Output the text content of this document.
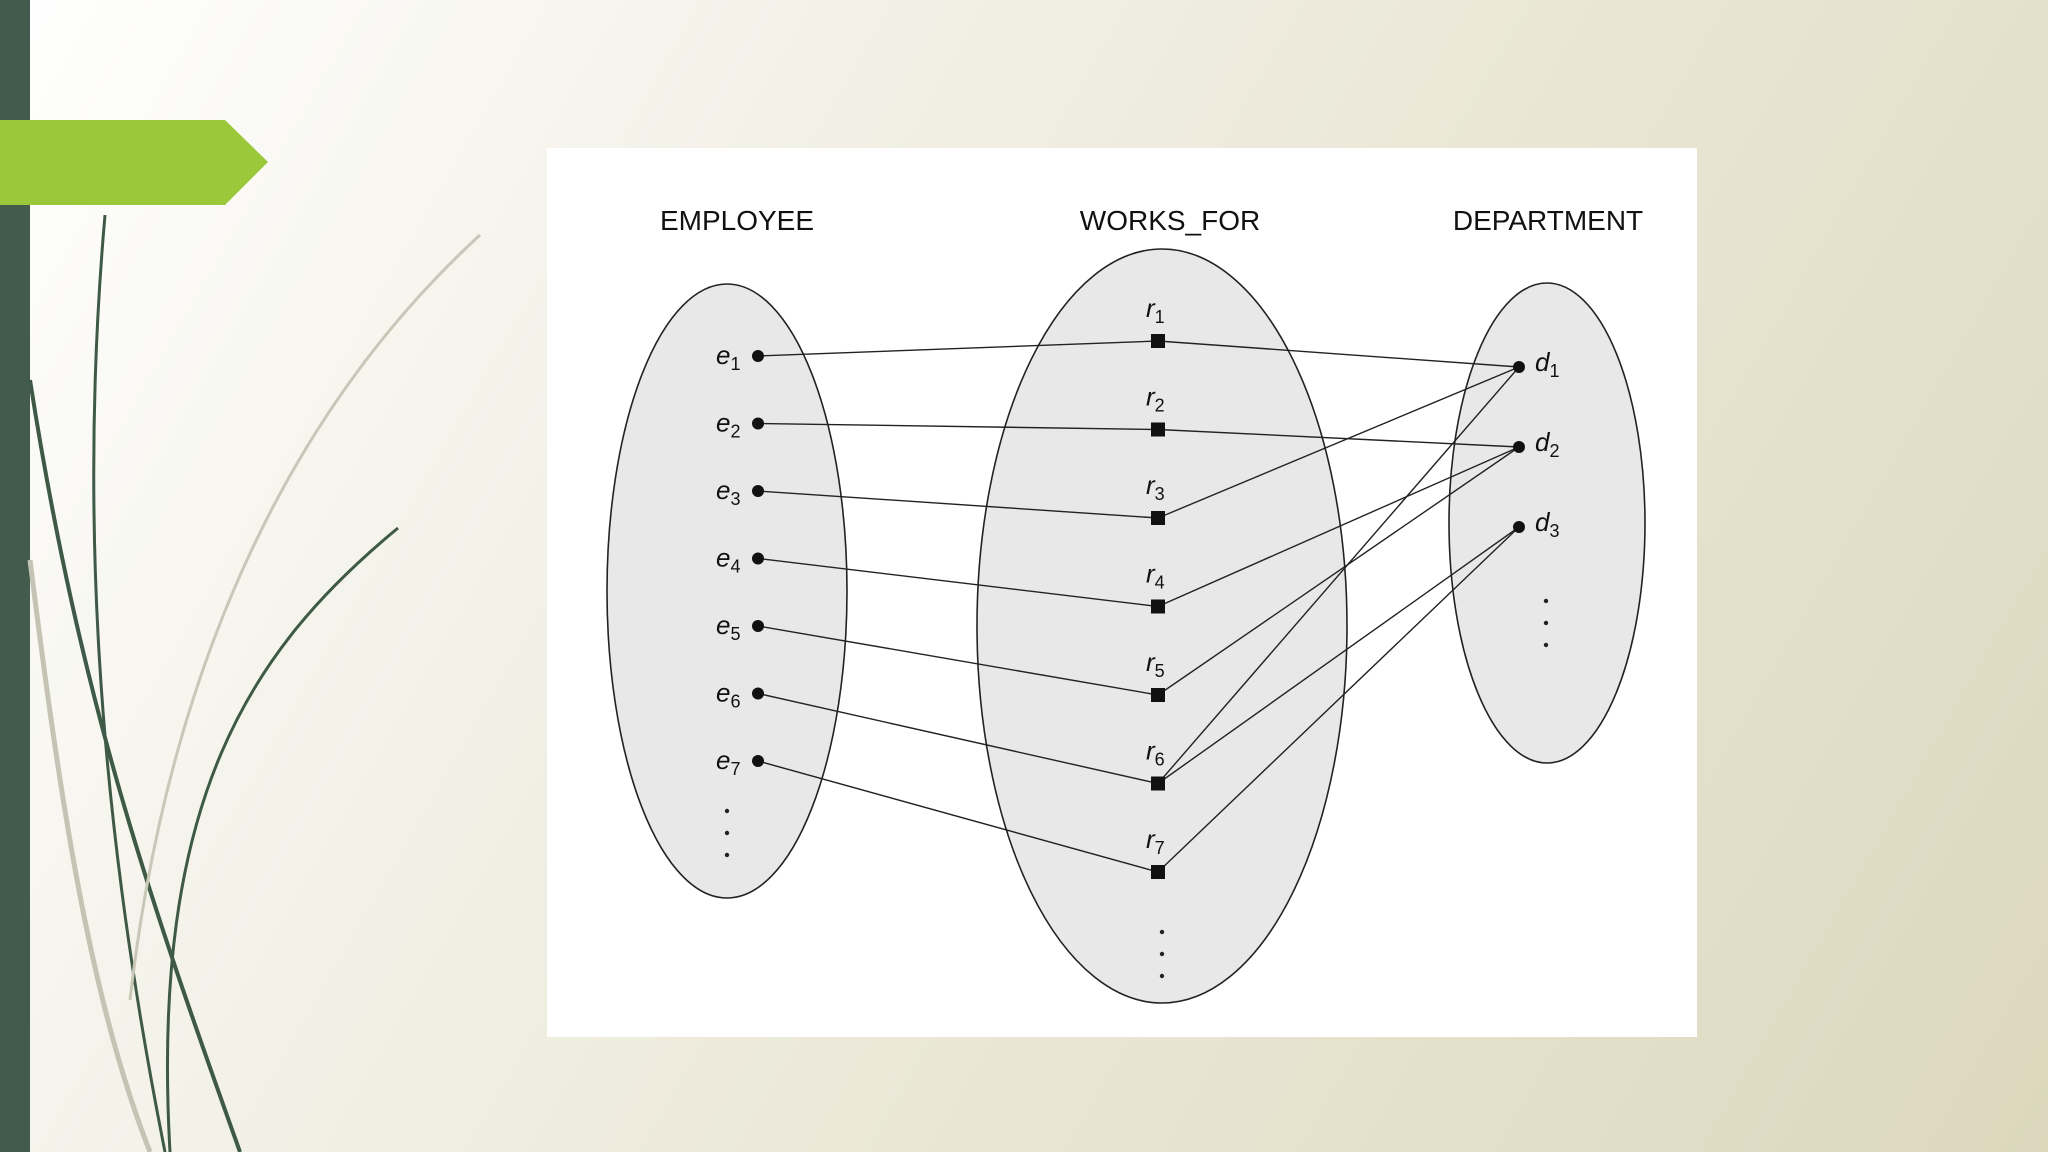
EMPLOYEE	WORKS_FOR	DEPARTMENT
$e_1$
$e_2$
$e_3$
$e_4$
$e_5$
$e_6$
$e_7$
$r_1$
$r_2$
$r_3$
$r_4$
$r_5$
$r_6$
$r_7$
$d_1$
$d_2$
$d_3$
